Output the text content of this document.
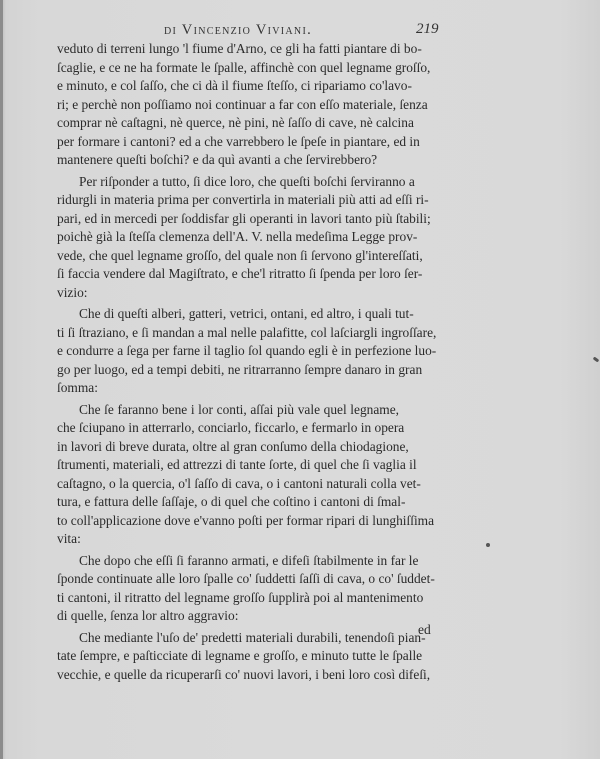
di Vincenzio Viviani.	219
veduto di terreni lungo 'l fiume d'Arno, ce gli ha fatti piantare di bo-
ſcaglie, e ce ne ha formate le ſpalle, affinchè con quel legname groſſo,
e minuto, e col ſaſſo, che ci dà il fiume ſteſſo, ci ripariamo co'lavo-
ri; e perchè non poſſiamo noi continuar a far con eſſo materiale, ſenza
comprar nè caſtagni, nè querce, nè pini, nè ſaſſo di cave, nè calcina
per formare i cantoni? ed a che varrebbero le ſpeſe in piantare, ed in
mantenere queſti boſchi? e da quì avanti a che ſervirebbero?
Per riſponder a tutto, ſi dice loro, che queſti boſchi ſerviranno a
ridurgli in materia prima per convertirla in materiali più atti ad eſſi ri-
pari, ed in mercedi per ſoddisfar gli operanti in lavori tanto più ſtabili;
poichè già la ſteſſa clemenza dell'A. V. nella medeſima Legge prov-
vede, che quel legname groſſo, del quale non ſi ſervono gl'intereſſati,
ſi faccia vendere dal Magiſtrato, e che'l ritratto ſi ſpenda per loro ſer-
vizio:
Che di queſti alberi, gatteri, vetrici, ontani, ed altro, i quali tut-
ti ſi ſtraziano, e ſi mandan a mal nelle palafitte, col laſciargli ingroſſare,
e condurre a ſega per farne il taglio ſol quando egli è in perfezione luo-
go per luogo, ed a tempi debiti, ne ritrarranno ſempre danaro in gran
ſomma:
Che ſe faranno bene i lor conti, aſſai più vale quel legname,
che ſciupano in atterrarlo, conciarlo, ficcarlo, e fermarlo in opera
in lavori di breve durata, oltre al gran conſumo della chiodagione,
ſtrumenti, materiali, ed attrezzi di tante ſorte, di quel che ſi vaglia il
caſtagno, o la quercia, o'l ſaſſo di cava, o i cantoni naturali colla vet-
tura, e fattura delle ſaſſaje, o di quel che coſtino i cantoni di ſmal-
to coll'applicazione dove e'vanno poſti per formar ripari di lunghiſſima
vita:
Che dopo che eſſi ſi faranno armati, e difeſi ſtabilmente in far le
ſponde continuate alle loro ſpalle co' ſuddetti ſaſſi di cava, o co' ſuddet-
ti cantoni, il ritratto del legname groſſo ſupplirà poi al mantenimento
di quelle, ſenza lor altro aggravio:
Che mediante l'uſo de' predetti materiali durabili, tenendoſi pian-
tate ſempre, e paſticciate di legname e groſſo, e minuto tutte le ſpalle
vecchie, e quelle da ricuperarſi co' nuovi lavori, i beni loro così difeſi,
ed
